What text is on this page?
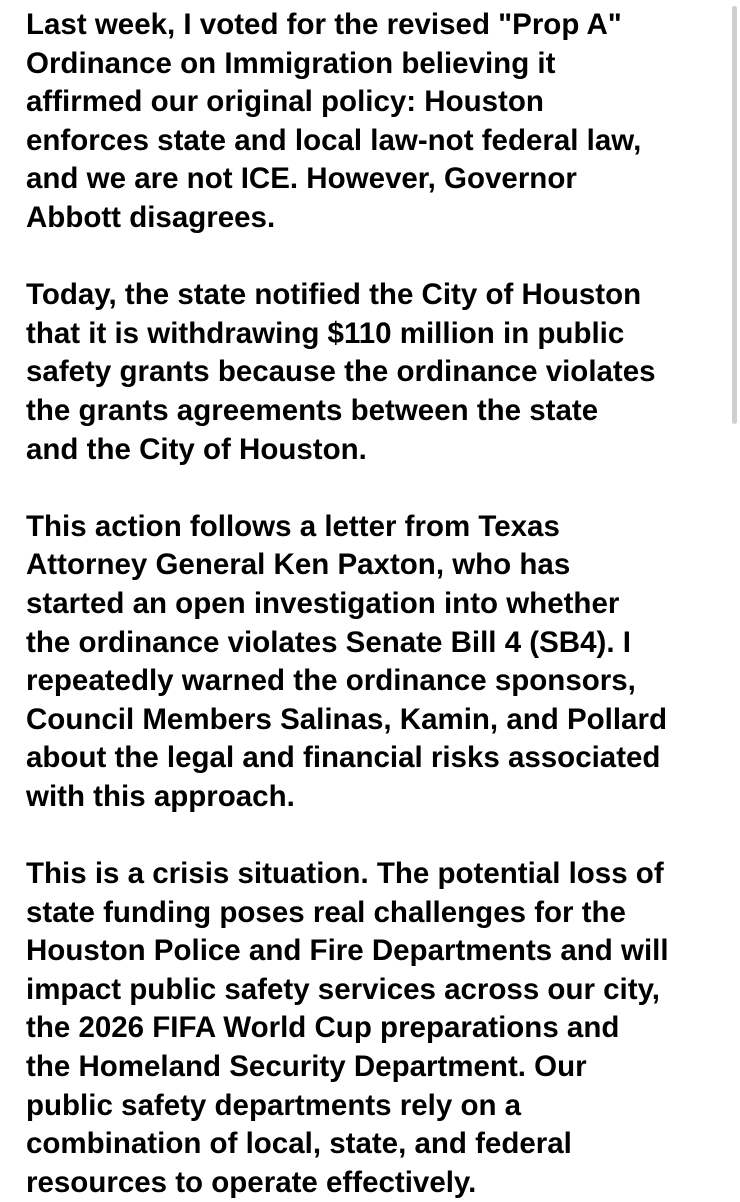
Last week, I voted for the revised "Prop A"
Ordinance on Immigration believing it
affirmed our original policy: Houston
enforces state and local law-not federal law,
and we are not ICE. However, Governor
Abbott disagrees.

Today, the state notified the City of Houston
that it is withdrawing $110 million in public
safety grants because the ordinance violates
the grants agreements between the state
and the City of Houston.

This action follows a letter from Texas
Attorney General Ken Paxton, who has
started an open investigation into whether
the ordinance violates Senate Bill 4 (SB4). I
repeatedly warned the ordinance sponsors,
Council Members Salinas, Kamin, and Pollard
about the legal and financial risks associated
with this approach.

This is a crisis situation. The potential loss of
state funding poses real challenges for the
Houston Police and Fire Departments and will
impact public safety services across our city,
the 2026 FIFA World Cup preparations and
the Homeland Security Department. Our
public safety departments rely on a
combination of local, state, and federal
resources to operate effectively.
